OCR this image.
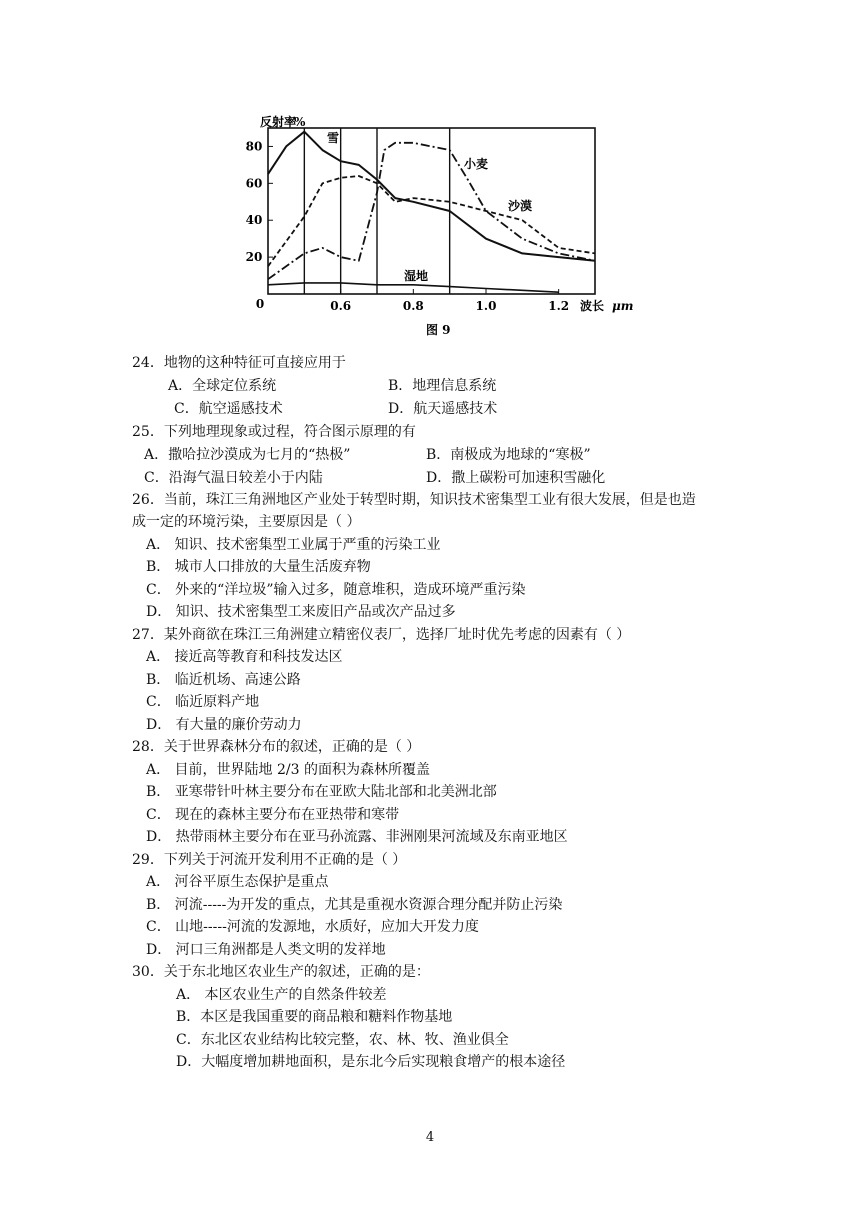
反射率
%
波长 μm
图 9
雪
小麦
沙漠
湿地
0
20
40
60
80
0.6	0.8	1.0	1.2
24．地物的这种特征可直接应用于
A．全球定位系统	B．地理信息系统
C．航空遥感技术	D．航天遥感技术
25．下列地理现象或过程，符合图示原理的有
A．撒哈拉沙漠成为七月的“热极”	B．南极成为地球的“寒极”
C．沿海气温日较差小于内陆	D．撒上碳粉可加速积雪融化
26．当前，珠江三角洲地区产业处于转型时期，知识技术密集型工业有很大发展，但是也造
成一定的环境污染，主要原因是（ ）
A． 知识、技术密集型工业属于严重的污染工业
B． 城市人口排放的大量生活废弃物
C． 外来的“洋垃圾”输入过多，随意堆积，造成环境严重污染
D． 知识、技术密集型工来废旧产品或次产品过多
27．某外商欲在珠江三角洲建立精密仪表厂，选择厂址时优先考虑的因素有（ ）
A． 接近高等教育和科技发达区
B． 临近机场、高速公路
C． 临近原料产地
D． 有大量的廉价劳动力
28．关于世界森林分布的叙述，正确的是（ ）
A． 目前，世界陆地 2/3 的面积为森林所覆盖
B． 亚寒带针叶林主要分布在亚欧大陆北部和北美洲北部
C． 现在的森林主要分布在亚热带和寒带
D． 热带雨林主要分布在亚马孙流露、非洲刚果河流域及东南亚地区
29．下列关于河流开发利用不正确的是（ ）
A． 河谷平原生态保护是重点
B． 河流-----为开发的重点，尤其是重视水资源合理分配并防止污染
C． 山地-----河流的发源地，水质好，应加大开发力度
D． 河口三角洲都是人类文明的发祥地
30．关于东北地区农业生产的叙述，正确的是：
A． 本区农业生产的自然条件较差
B．本区是我国重要的商品粮和糖料作物基地
C．东北区农业结构比较完整，农、林、牧、渔业俱全
D．大幅度增加耕地面积，是东北今后实现粮食增产的根本途径
4
